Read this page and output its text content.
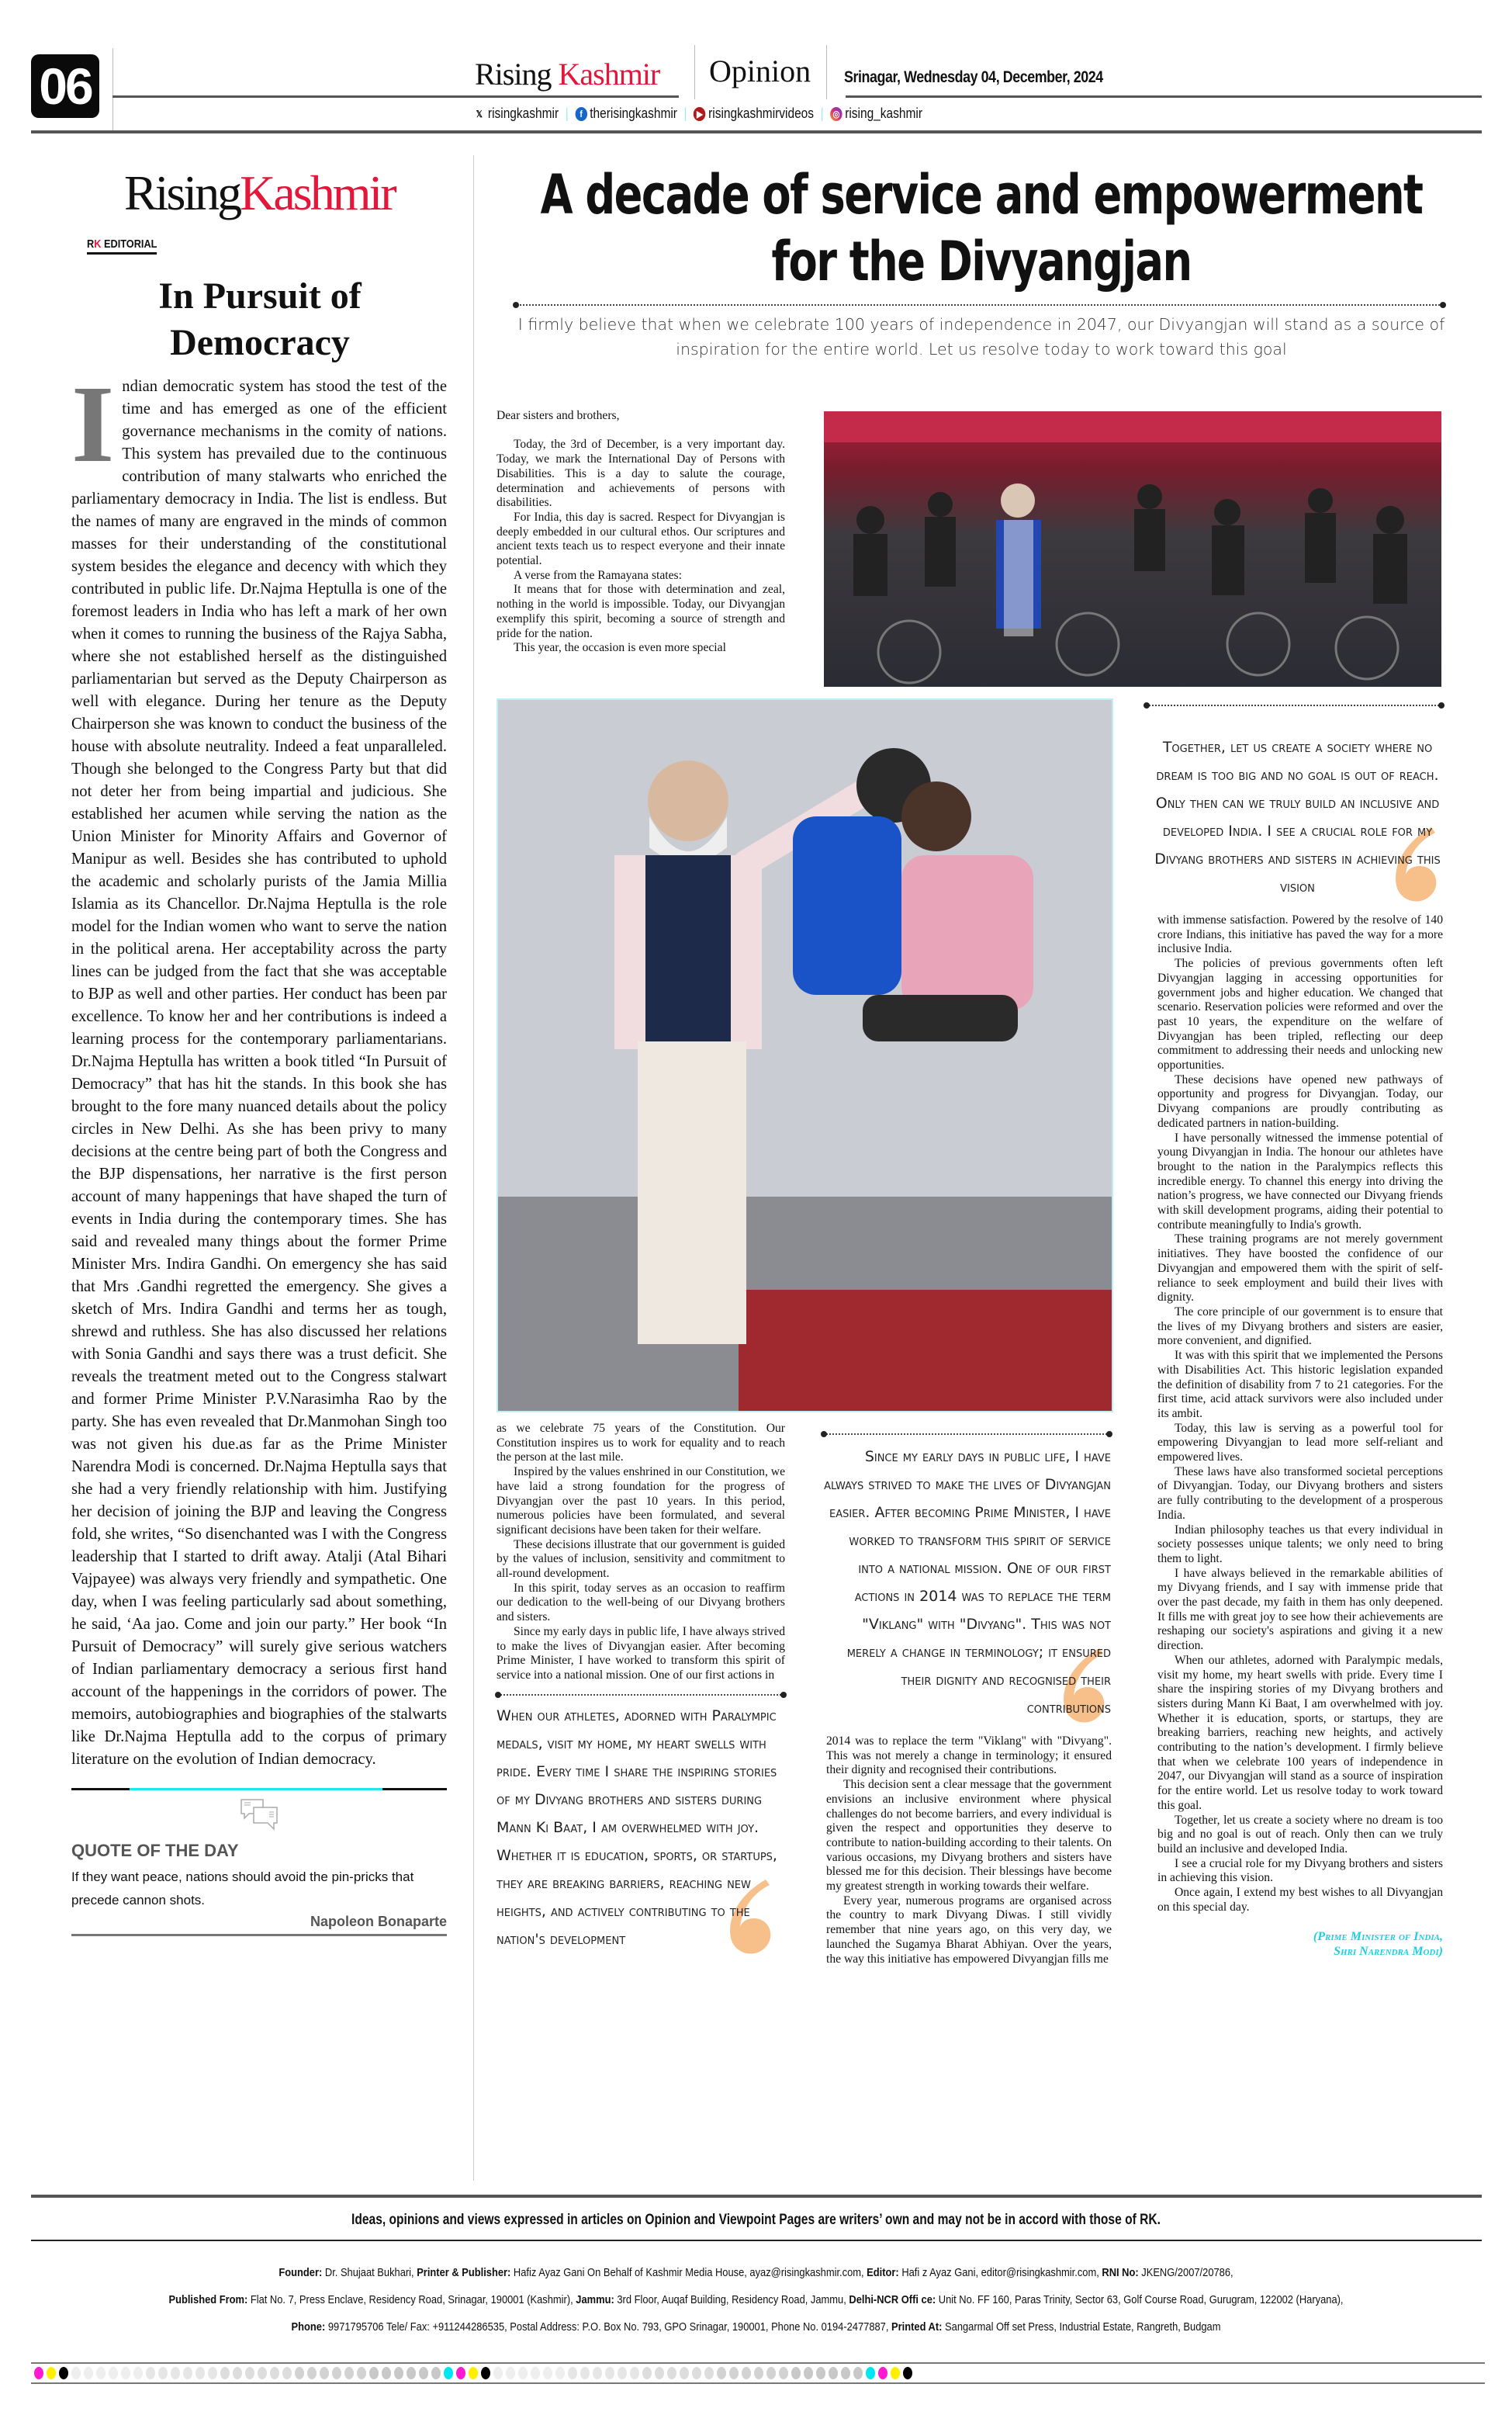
06	Rising Kashmir Opinion Srinagar, Wednesday 04, December, 2024
𝕏 risingkashmir |	f therisingkashmir |	▶ risingkashmirvideos | ◎ rising_kashmir
RisingKashmir
RK EDITORIAL
In Pursuit of Democracy
I ndian democratic system has stood the test of the time and has emerged as one of the efficient governance mechanisms in the comity of nations. This system has prevailed due to the continuous contribution of many stalwarts who enriched the parliamentary democracy in India. The list is endless. But the names of many are engraved in the minds of common masses for their understanding of the constitutional system besides the elegance and decency with which they contributed in public life. Dr.Najma Heptulla is one of the foremost leaders in India who has left a mark of her own when it comes to running the business of the Rajya Sabha, where she not established herself as the distinguished parliamentarian but served as the Deputy Chairperson as well with elegance. During her tenure as the Deputy Chairperson she was known to conduct the business of the house with absolute neutrality. Indeed a feat unparalleled. Though she belonged to the Congress Party but that did not deter her from being impartial and judicious. She established her acumen while serving the nation as the Union Minister for Minority Affairs and Governor of Manipur as well. Besides she has contributed to uphold the academic and scholarly purists of the Jamia Millia Islamia as its Chancellor. Dr.Najma Heptulla is the role model for the Indian women who want to serve the nation in the political arena. Her acceptability across the party lines can be judged from the fact that she was acceptable to BJP as well and other parties. Her conduct has been par excellence. To know her and her contributions is indeed a learning process for the contemporary parliamentarians. Dr.Najma Heptulla has written a book titled “In Pursuit of Democracy” that has hit the stands. In this book she has brought to the fore many nuanced details about the policy circles in New Delhi. As she has been privy to many decisions at the centre being part of both the Congress and the BJP dispensations, her narrative is the first person account of many happenings that have shaped the turn of events in India during the contemporary times. She has said and revealed many things about the former Prime Minister Mrs. Indira Gandhi. On emergency she has said that Mrs .Gandhi regretted the emergency. She gives a sketch of Mrs. Indira Gandhi and terms her as tough, shrewd and ruthless. She has also discussed her relations with Sonia Gandhi and says there was a trust deficit. She reveals the treatment meted out to the Congress stalwart and former Prime Minister P.V.Narasimha Rao by the party. She has even revealed that Dr.Manmohan Singh too was not given his due.as far as the Prime Minister Narendra Modi is concerned. Dr.Najma Heptulla says that she had a very friendly relationship with him. Justifying her decision of joining the BJP and leaving the Congress fold, she writes, “So disenchanted was I with the Congress leadership that I started to drift away. Atalji (Atal Bihari Vajpayee) was always very friendly and sympathetic. One day, when I was feeling particularly sad about something, he said, ‘Aa jao. Come and join our party.” Her book “In Pursuit of Democracy” will surely give serious watchers of Indian parliamentary democracy a serious first hand account of the happenings in the corridors of power. The memoirs, autobiographies and biographies of the stalwarts like Dr.Najma Heptulla add to the corpus of primary literature on the evolution of Indian democracy.

QUOTE OF THE DAY
If they want peace, nations should avoid the pin-pricks that precede cannon shots.
Napoleon Bonaparte
A decade of service and empowerment for the Divyangjan
I firmly believe that when we celebrate 100 years of independence in 2047, our Divyangjan will stand as a source of inspiration for the entire world. Let us resolve today to work toward this goal

Dear sisters and brothers,

Today, the 3rd of December, is a very important day. Today, we mark the International Day of Persons with Disabilities. This is a day to salute the courage, determination and achievements of persons with disabilities.

For India, this day is sacred. Respect for Divyangjan is deeply embedded in our cultural ethos. Our scriptures and ancient texts teach us to respect everyone and their innate potential.

A verse from the Ramayana states:

It means that for those with determination and zeal, nothing in the world is impossible. Today, our Divyangjan exemplify this spirit, becoming a source of strength and pride for the nation.

This year, the occasion is even more special

Together, let us create a society where no dream is too big and no goal is out of reach. Only then can we truly build an inclusive and developed India. I see a crucial role for my Divyang brothers and sisters in achieving this vision

with immense satisfaction. Powered by the resolve of 140 crore Indians, this initiative has paved the way for a more inclusive India.

The policies of previous governments often left Divyangjan lagging in accessing opportunities for government jobs and higher education. We changed that scenario. Reservation policies were reformed and over the past 10 years, the expenditure on the welfare of Divyangjan has been tripled, reflecting our deep commitment to addressing their needs and unlocking new opportunities.

These decisions have opened new pathways of opportunity and progress for Divyangjan. Today, our Divyang companions are proudly contributing as dedicated partners in nation-building.

I have personally witnessed the immense potential of young Divyangjan in India. The honour our athletes have brought to the nation in the Paralympics reflects this incredible energy. To channel this energy into driving the nation’s progress, we have connected our Divyang friends with skill development programs, aiding their potential to contribute meaningfully to India's growth.

These training programs are not merely government initiatives. They have boosted the confidence of our Divyangjan and empowered them with the spirit of self-reliance to seek employment and build their lives with dignity.

The core principle of our government is to ensure that the lives of my Divyang brothers and sisters are easier, more convenient, and dignified.

It was with this spirit that we implemented the Persons with Disabilities Act. This historic legislation expanded the definition of disability from 7 to 21 categories. For the first time, acid attack survivors were also included under its ambit.

Today, this law is serving as a powerful tool for empowering Divyangjan to lead more self-reliant and empowered lives.

These laws have also transformed societal perceptions of Divyangjan. Today, our Divyang brothers and sisters are fully contributing to the development of a prosperous India.

Indian philosophy teaches us that every individual in society possesses unique talents; we only need to bring them to light.

I have always believed in the remarkable abilities of my Divyang friends, and I say with immense pride that over the past decade, my faith in them has only deepened. It fills me with great joy to see how their achievements are reshaping our society's aspirations and giving it a new direction.

When our athletes, adorned with Paralympic medals, visit my home, my heart swells with pride. Every time I share the inspiring stories of my Divyang brothers and sisters during Mann Ki Baat, I am overwhelmed with joy. Whether it is education, sports, or startups, they are breaking barriers, reaching new heights, and actively contributing to the nation’s development. I firmly believe that when we celebrate 100 years of independence in 2047, our Divyangjan will stand as a source of inspiration for the entire world. Let us resolve today to work toward this goal.

Together, let us create a society where no dream is too big and no goal is out of reach. Only then can we truly build an inclusive and developed India.

I see a crucial role for my Divyang brothers and sisters in achieving this vision.

Once again, I extend my best wishes to all Divyangjan on this special day.

(Prime Minister of India,
Shri Narendra Modi)

as we celebrate 75 years of the Constitution. Our Constitution inspires us to work for equality and to reach the person at the last mile.

Inspired by the values enshrined in our Constitution, we have laid a strong foundation for the progress of Divyangjan over the past 10 years. In this period, numerous policies have been formulated, and several significant decisions have been taken for their welfare.

These decisions illustrate that our government is guided by the values of inclusion, sensitivity and commitment to all-round development.

In this spirit, today serves as an occasion to reaffirm our dedication to the well-being of our Divyang brothers and sisters.

Since my early days in public life, I have always strived to make the lives of Divyangjan easier. After becoming Prime Minister, I have worked to transform this spirit of service into a national mission. One of our first actions in

When our athletes, adorned with Paralympic medals, visit my home, my heart swells with pride. Every time I share the inspiring stories of my Divyang brothers and sisters during Mann Ki Baat, I am overwhelmed with joy. Whether it is education, sports, or startups, they are breaking barriers, reaching new heights, and actively contributing to the nation's development
Since my early days in public life, I have always strived to make the lives of Divyangjan easier. After becoming Prime Minister, I have worked to transform this spirit of service into a national mission. One of our first actions in 2014 was to replace the term "Viklang" with "Divyang". This was not merely a change in terminology; it ensured their dignity and recognised their contributions

2014 was to replace the term "Viklang" with "Divyang". This was not merely a change in terminology; it ensured their dignity and recognised their contributions.

This decision sent a clear message that the government envisions an inclusive environment where physical challenges do not become barriers, and every individual is given the respect and opportunities they deserve to contribute to nation-building according to their talents. On various occasions, my Divyang brothers and sisters have blessed me for this decision. Their blessings have become my greatest strength in working towards their welfare.

Every year, numerous programs are organised across the country to mark Divyang Diwas. I still vividly remember that nine years ago, on this very day, we launched the Sugamya Bharat Abhiyan. Over the years, the way this initiative has empowered Divyangjan fills me

Ideas, opinions and views expressed in articles on Opinion and Viewpoint Pages are writers’ own and may not be in accord with those of RK.
Founder: Dr. Shujaat Bukhari, Printer & Publisher: Hafiz Ayaz Gani On Behalf of Kashmir Media House, ayaz@risingkashmir.com, Editor: Hafi z Ayaz Gani, editor@risingkashmir.com, RNI No: JKENG/2007/20786,
Published From: Flat No. 7, Press Enclave, Residency Road, Srinagar, 190001 (Kashmir), Jammu: 3rd Floor, Auqaf Building, Residency Road, Jammu, Delhi-NCR Offi ce: Unit No. FF 160, Paras Trinity, Sector 63, Golf Course Road, Gurugram, 122002 (Haryana),
Phone: 9971795706 Tele/ Fax: +911244286535, Postal Address: P.O. Box No. 793, GPO Srinagar, 190001, Phone No. 0194-2477887, Printed At: Sangarmal Off set Press, Industrial Estate, Rangreth, Budgam
